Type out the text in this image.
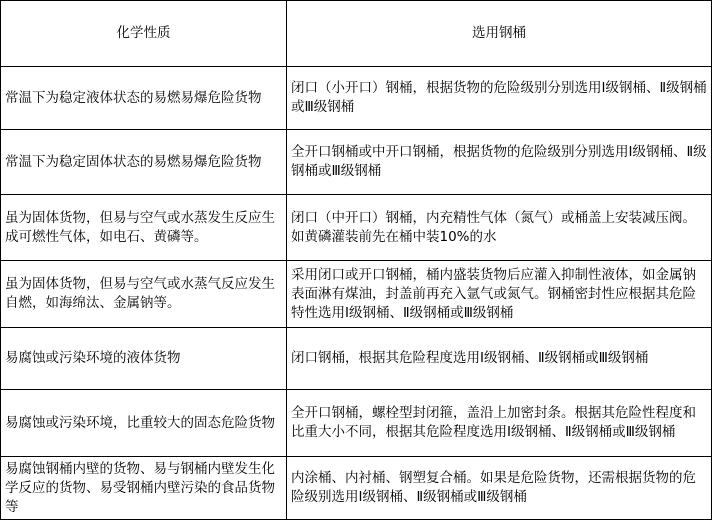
化学性质	选用钢桶
常温下为稳定液体状态的易燃易爆危险货物	闭口（小开口）钢桶，根据货物的危险级别分别选用Ⅰ级钢桶、Ⅱ级钢桶或Ⅲ级钢桶
常温下为稳定固体状态的易燃易爆危险货物	全开口钢桶或中开口钢桶，根据货物的危险级别分别选用Ⅰ级钢桶、Ⅱ级钢桶或Ⅲ级钢桶
虽为固体货物，但易与空气或水蒸发生反应生成可燃性气体，如电石、黄磷等。	闭口（中开口）钢桶，内充精性气体（氮气）或桶盖上安装减压阀。如黄磷灌装前先在桶中装10%的水
虽为固体货物，但易与空气或水蒸气反应发生自燃，如海绵汰、金属钠等。	采用闭口或开口钢桶，桶内盛装货物后应灌入抑制性液体，如金属钠表面淋有煤油，封盖前再充入氩气或氮气。钢桶密封性应根据其危险特性选用Ⅰ级钢桶、Ⅱ级钢桶或Ⅲ级钢桶
易腐蚀或污染环境的液体货物	闭口钢桶，根据其危险程度选用Ⅰ级钢桶、Ⅱ级钢桶或Ⅲ级钢桶
易腐蚀或污染环境，比重较大的固态危险货物	全开口钢桶，螺栓型封闭箍，盖沿上加密封条。根据其危险性程度和比重大小不同，根据其危险程度选用Ⅰ级钢桶、Ⅱ级钢桶或Ⅲ级钢桶
易腐蚀钢桶内壁的货物、易与钢桶内壁发生化学反应的货物、易受钢桶内壁污染的食品货物等	内涂桶、内衬桶、钢塑复合桶。如果是危险货物，还需根据货物的危险级别选用Ⅰ级钢桶、Ⅱ级钢桶或Ⅲ级钢桶
